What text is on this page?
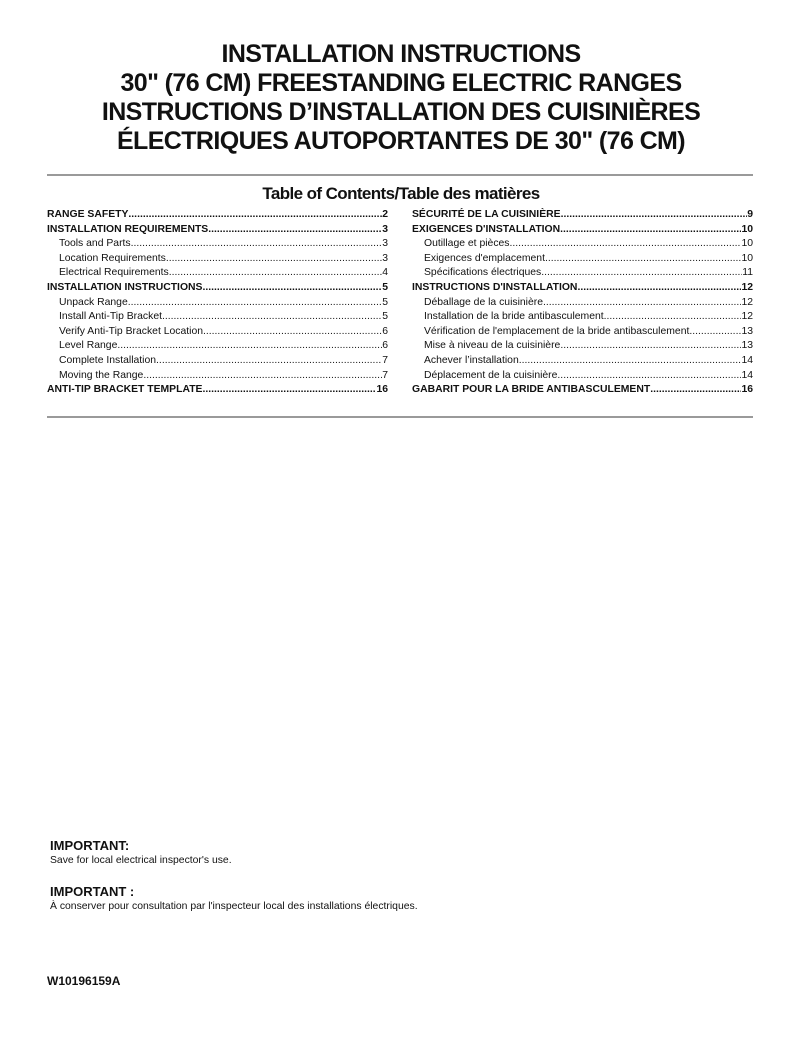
INSTALLATION INSTRUCTIONS
30" (76 CM) FREESTANDING ELECTRIC RANGES
INSTRUCTIONS D’INSTALLATION DES CUISINIÈRES
ÉLECTRIQUES AUTOPORTANTES DE 30" (76 CM)
Table of Contents/Table des matières
RANGE SAFETY .....	2
INSTALLATION REQUIREMENTS .....	3
Tools and Parts .....	3
Location Requirements .....	3
Electrical Requirements .....	4
INSTALLATION INSTRUCTIONS .....	5
Unpack Range .....	5
Install Anti-Tip Bracket .....	5
Verify Anti-Tip Bracket Location .....	6
Level Range .....	6
Complete Installation .....	7
Moving the Range .....	7
ANTI-TIP BRACKET TEMPLATE .....	16
SÉCURITÉ DE LA CUISINIÈRE .....	9
EXIGENCES D'INSTALLATION .....	10
Outillage et pièces .....	10
Exigences d'emplacement .....	10
Spécifications électriques .....	11
INSTRUCTIONS D'INSTALLATION .....	12
Déballage de la cuisinière .....	12
Installation de la bride antibasculement .....	12
Vérification de l'emplacement de la bride antibasculement .....	13
Mise à niveau de la cuisinière .....	13
Achever l’installation .....	14
Déplacement de la cuisinière .....	14
GABARIT POUR LA BRIDE ANTIBASCULEMENT .....	16
IMPORTANT:
Save for local electrical inspector's use.
IMPORTANT :
À conserver pour consultation par l'inspecteur local des installations électriques.
W10196159A
